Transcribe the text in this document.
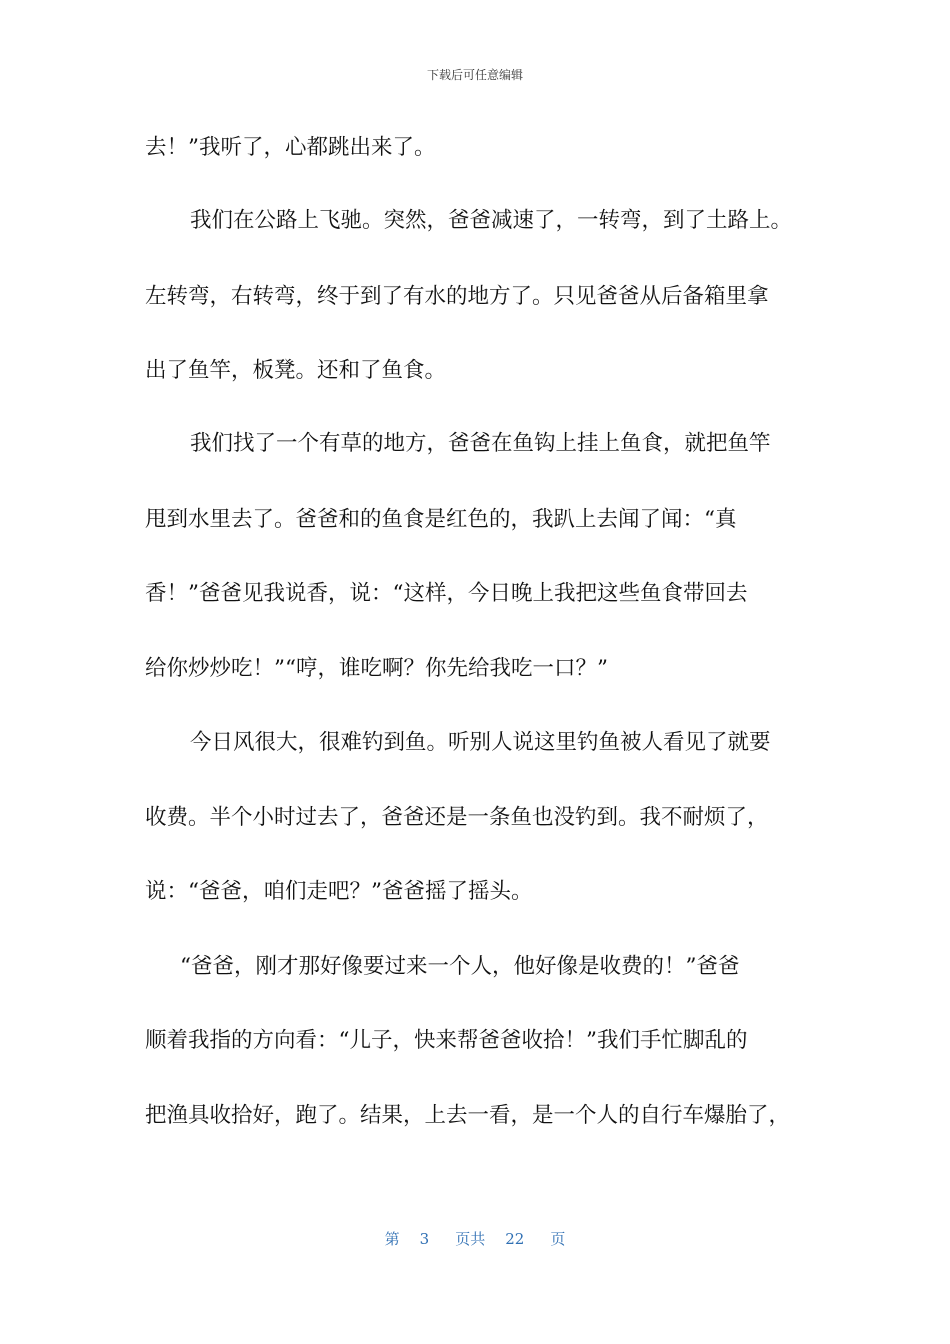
下载后可任意编辑
去！”我听了，心都跳出来了。
我们在公路上飞驰。突然，爸爸减速了，一转弯，到了土路上。
左转弯，右转弯，终于到了有水的地方了。只见爸爸从后备箱里拿
出了鱼竿，板凳。还和了鱼食。
我们找了一个有草的地方，爸爸在鱼钩上挂上鱼食，就把鱼竿
甩到水里去了。爸爸和的鱼食是红色的，我趴上去闻了闻：“真
香！”爸爸见我说香，说：“这样，今日晚上我把这些鱼食带回去
给你炒炒吃！”“哼，谁吃啊？你先给我吃一口？”
今日风很大，很难钓到鱼。听别人说这里钓鱼被人看见了就要
收费。半个小时过去了，爸爸还是一条鱼也没钓到。我不耐烦了，
说：“爸爸，咱们走吧？”爸爸摇了摇头。
“爸爸，刚才那好像要过来一个人，他好像是收费的！”爸爸
顺着我指的方向看：“儿子，快来帮爸爸收拾！”我们手忙脚乱的
把渔具收拾好，跑了。结果，上去一看，是一个人的自行车爆胎了，
第 3 页共 22 页
